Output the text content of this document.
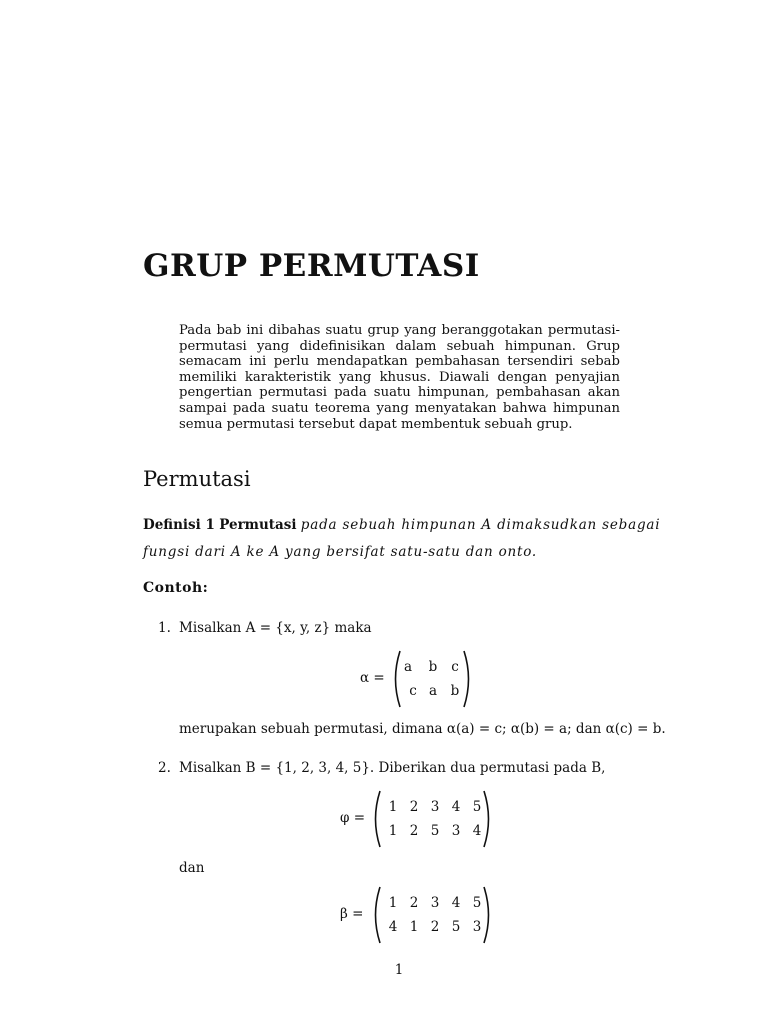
GRUP PERMUTASI
Pada bab ini dibahas suatu grup yang beranggotakan permutasi-permutasi yang didefinisikan dalam sebuah himpunan. Grup semacam ini perlu mendapatkan pembahasan tersendiri sebab memiliki karakteristik yang khusus. Diawali dengan penyajian pengertian permutasi pada suatu himpunan, pembahasan akan sampai pada suatu teorema yang menyatakan bahwa himpunan semua permutasi tersebut dapat membentuk sebuah grup.
Permutasi
Definisi 1 Permutasi pada sebuah himpunan A dimaksudkan sebagai fungsi dari A ke A yang bersifat satu-satu dan onto.
Contoh:
1. Misalkan A = {x, y, z} maka
α =
a	b	c
c a	b
merupakan sebuah permutasi, dimana α(a) = c; α(b) = a; dan α(c) = b.
2. Misalkan B = {1, 2, 3, 4, 5}. Diberikan dua permutasi pada B,
φ =
1 2 3 4 5
1 2 5 3 4
dan
β =
1 2 3 4 5
4 1 2 5 3
1
